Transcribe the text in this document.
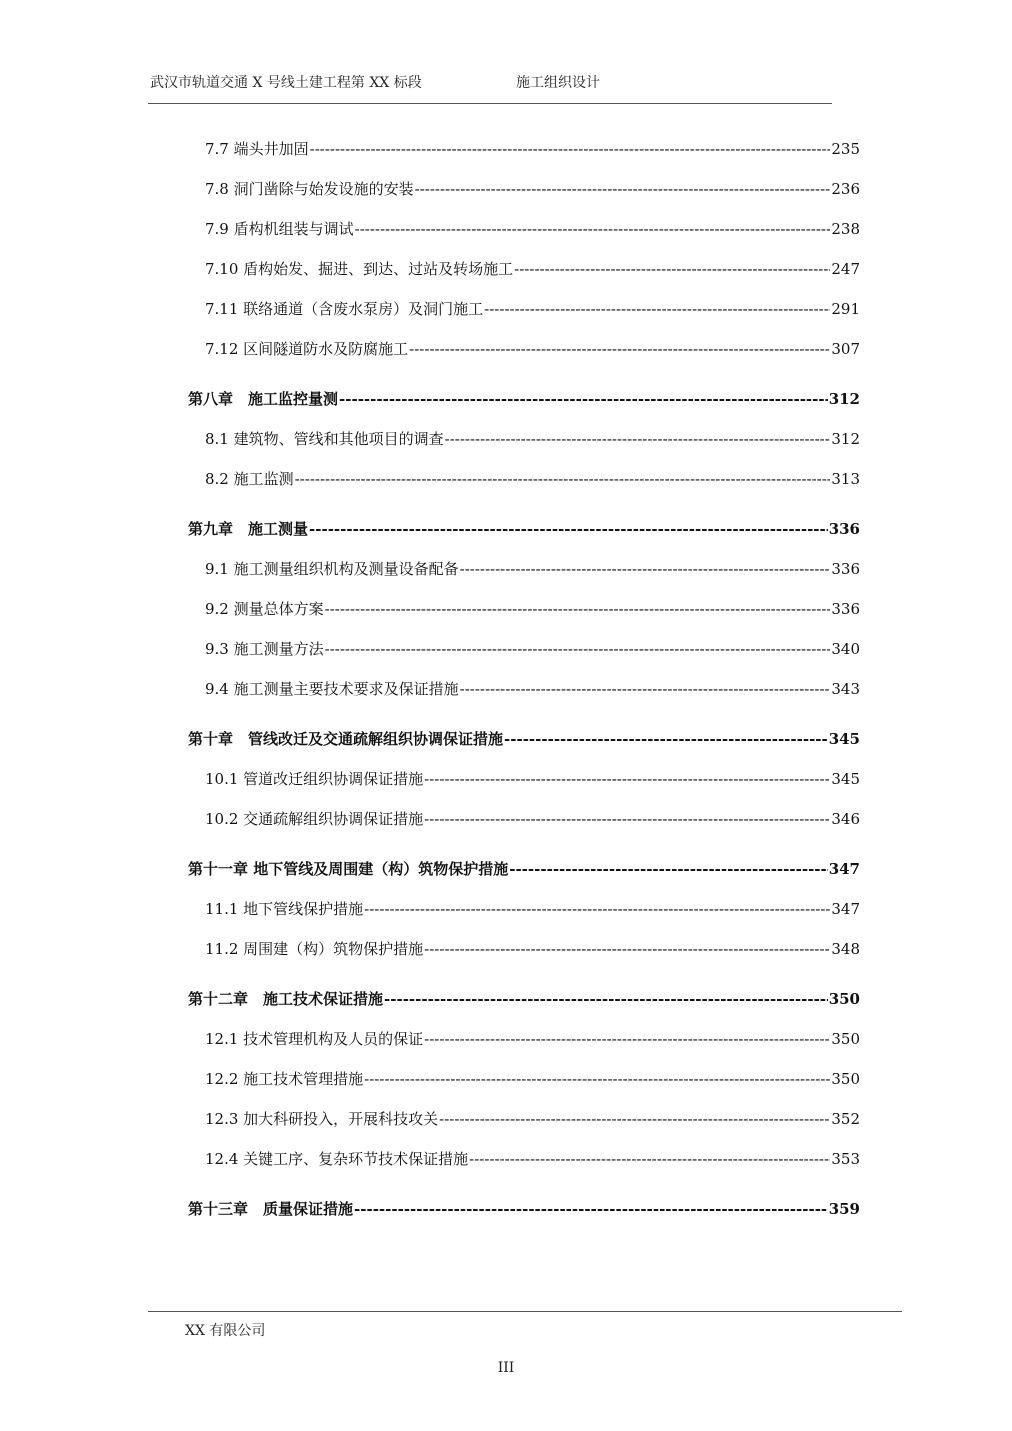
武汉市轨道交通 X 号线土建工程第 XX 标段	施工组织设计
7.7 端头井加固 -----	235
7.8 洞门凿除与始发设施的安装 -----	236
7.9 盾构机组装与调试 -----	238
7.10 盾构始发、掘进、到达、过站及转场施工 -----	247
7.11 联络通道（含废水泵房）及洞门施工 -----	291
7.12 区间隧道防水及防腐施工 -----	307
第八章　施工监控量测 -----	312
8.1 建筑物、管线和其他项目的调查 -----	312
8.2 施工监测 -----	313
第九章　施工测量 -----	336
9.1 施工测量组织机构及测量设备配备 -----	336
9.2 测量总体方案 -----	336
9.3 施工测量方法 -----	340
9.4 施工测量主要技术要求及保证措施 -----	343
第十章　管线改迁及交通疏解组织协调保证措施 -----	345
10.1 管道改迁组织协调保证措施 -----	345
10.2 交通疏解组织协调保证措施 -----	346
第十一章 地下管线及周围建（构）筑物保护措施 -----	347
11.1 地下管线保护措施 -----	347
11.2 周围建（构）筑物保护措施 -----	348
第十二章　施工技术保证措施 -----	350
12.1 技术管理机构及人员的保证 -----	350
12.2 施工技术管理措施 -----	350
12.3 加大科研投入，开展科技攻关 -----	352
12.4 关键工序、复杂环节技术保证措施 -----	353
第十三章　质量保证措施 -----	359
XX 有限公司
III
